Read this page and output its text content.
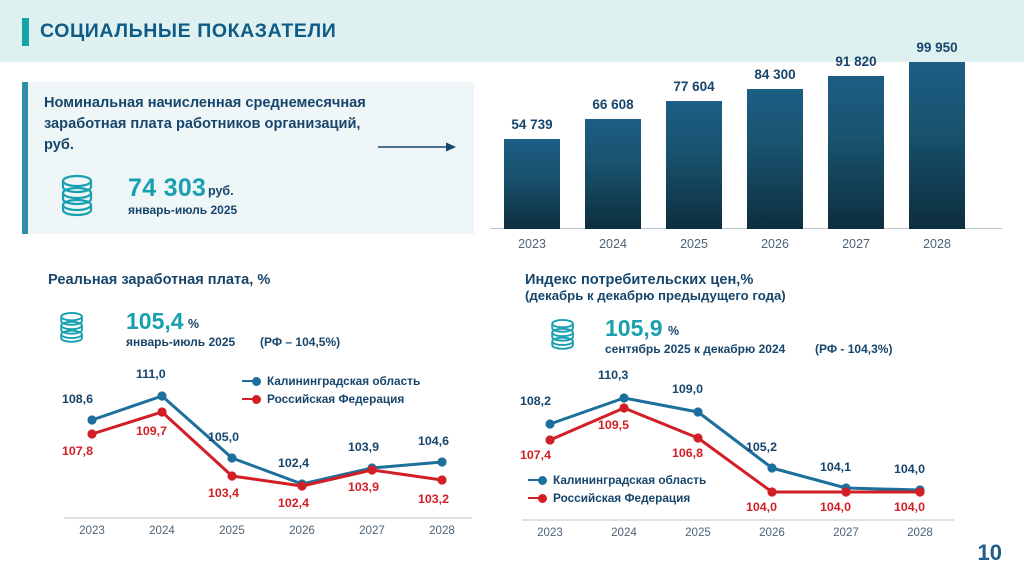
СОЦИАЛЬНЫЕ ПОКАЗАТЕЛИ
Номинальная начисленная среднемесячная заработная плата работников организаций, руб.
74 303 руб.
январь-июль 2025
54 739
2023
66 608
2024
77 604
2025
84 300
2026
91 820
2027
99 950
2028
Реальная заработная плата, %
105,4 %
январь-июль 2025 (РФ – 104,5%)
Калининградская область
Российская Федерация
108,6
111,0
105,0
102,4
103,9	104,6
107,8
109,7
103,4
102,4
103,9
103,2
2023	2024	2025	2026	2027	2028
Индекс потребительских цен,%
(декабрь к декабрю предыдущего года)
105,9 %
сентябрь 2025 к декабрю 2024 (РФ - 104,3%)
Калининградская область
Российская Федерация
108,2
110,3
109,0
105,2
104,1	104,0
107,4
109,5
106,8
104,0	104,0	104,0
2023	2024	2025	2026	2027	2028
10
